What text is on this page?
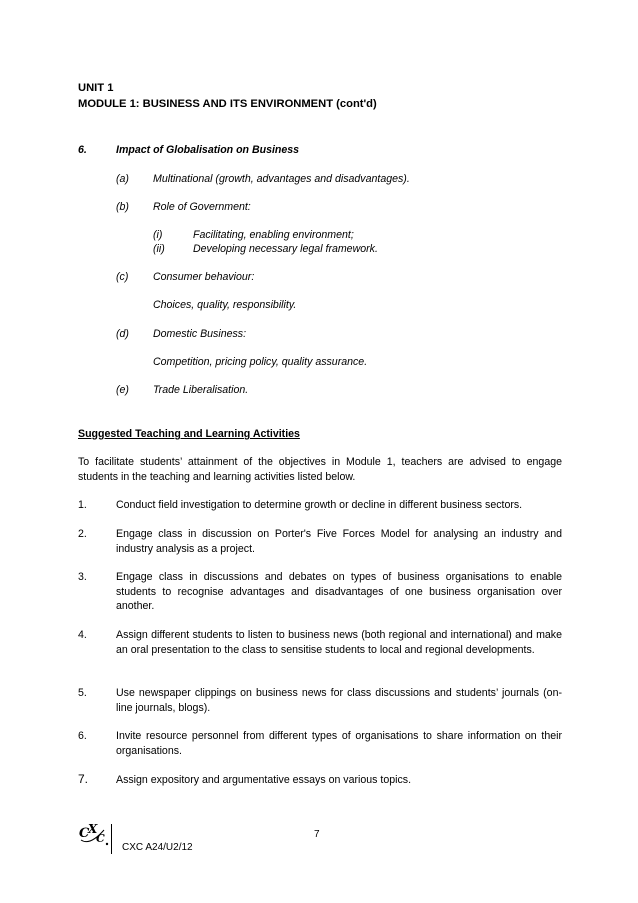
UNIT 1
MODULE 1: BUSINESS AND ITS ENVIRONMENT (cont'd)
6.	Impact of Globalisation on Business
(a) Multinational (growth, advantages and disadvantages).
(b) Role of Government:
(i)	Facilitating, enabling environment;
(ii)	Developing necessary legal framework.
(c) Consumer behaviour:
Choices, quality, responsibility.
(d) Domestic Business:
Competition, pricing policy, quality assurance.
(e) Trade Liberalisation.
Suggested Teaching and Learning Activities
To facilitate students’ attainment of the objectives in Module 1, teachers are advised to engage students in the teaching and learning activities listed below.
1.	Conduct field investigation to determine growth or decline in different business sectors.
2.	Engage class in discussion on Porter's Five Forces Model for analysing an industry and industry analysis as a project.
3.	Engage class in discussions and debates on types of business organisations to enable students to recognise advantages and disadvantages of one business organisation over another.
4.	Assign different students to listen to business news (both regional and international) and make an oral presentation to the class to sensitise students to local and regional developments.
5.	Use newspaper clippings on business news for class discussions and students’ journals (on-line journals, blogs).
6.	Invite resource personnel from different types of organisations to share information on their organisations.
7.	Assign expository and argumentative essays on various topics.
C
X
C
CXC A24/U2/12
7
